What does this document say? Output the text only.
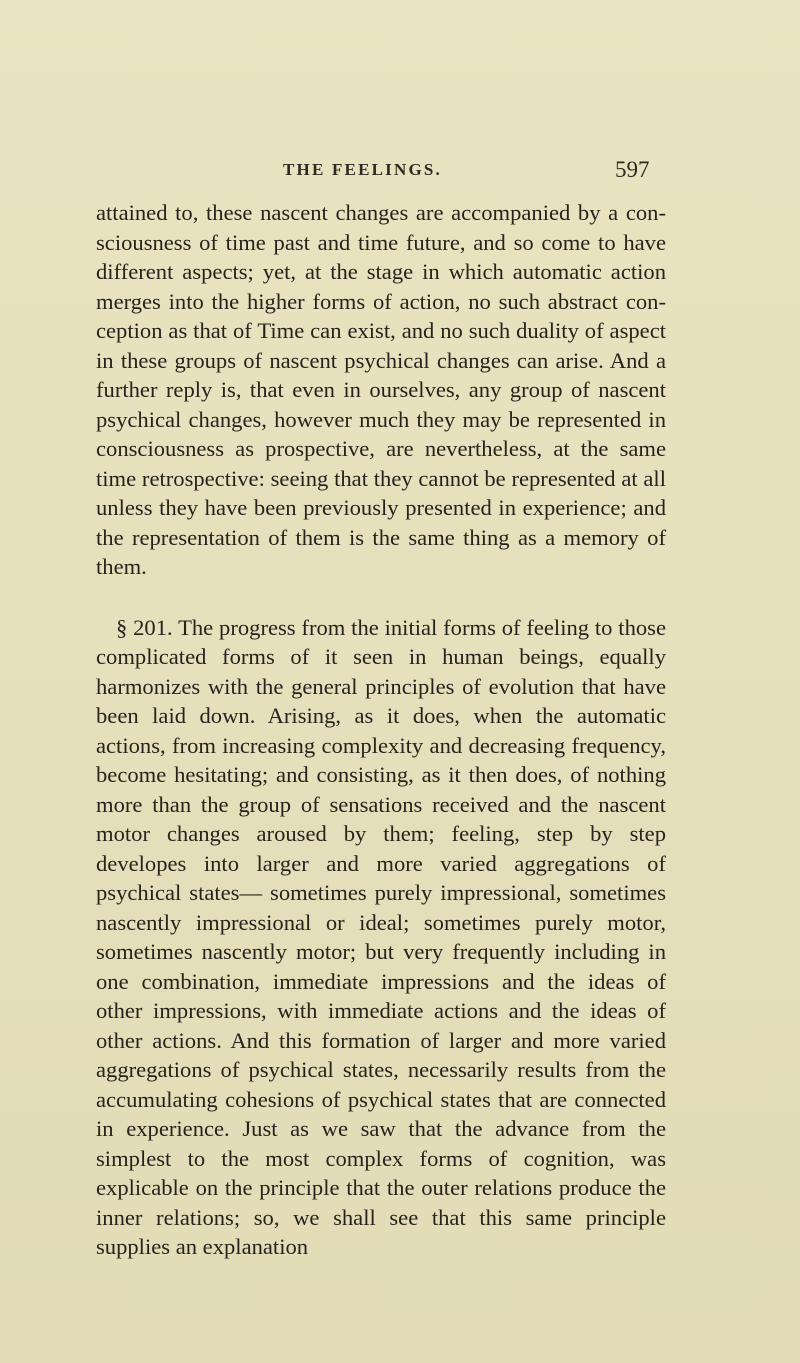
THE FEELINGS.	597

attained to, these nascent changes are accompanied by a consciousness of time past and time future, and so come to have different aspects; yet, at the stage in which automatic action merges into the higher forms of action, no such abstract conception as that of Time can exist, and no such duality of aspect in these groups of nascent psychical changes can arise. And a further reply is, that even in ourselves, any group of nascent psychical changes, however much they may be represented in consciousness as prospective, are nevertheless, at the same time retrospective: seeing that they cannot be represented at all unless they have been previously presented in experience; and the representation of them is the same thing as a memory of them.

§ 201. The progress from the initial forms of feeling to those complicated forms of it seen in human beings, equally harmonizes with the general principles of evolution that have been laid down. Arising, as it does, when the automatic actions, from increasing complexity and decreasing frequency, become hesitating; and consisting, as it then does, of nothing more than the group of sensations received and the nascent motor changes aroused by them; feeling, step by step developes into larger and more varied aggregations of psychical states— sometimes purely impressional, sometimes nascently impressional or ideal; sometimes purely motor, sometimes nascently motor; but very frequently including in one combination, immediate impressions and the ideas of other impressions, with immediate actions and the ideas of other actions. And this formation of larger and more varied aggregations of psychical states, necessarily results from the accumulating cohesions of psychical states that are connected in experience. Just as we saw that the advance from the simplest to the most complex forms of cognition, was explicable on the principle that the outer relations produce the inner relations; so, we shall see that this same principle supplies an explanation
